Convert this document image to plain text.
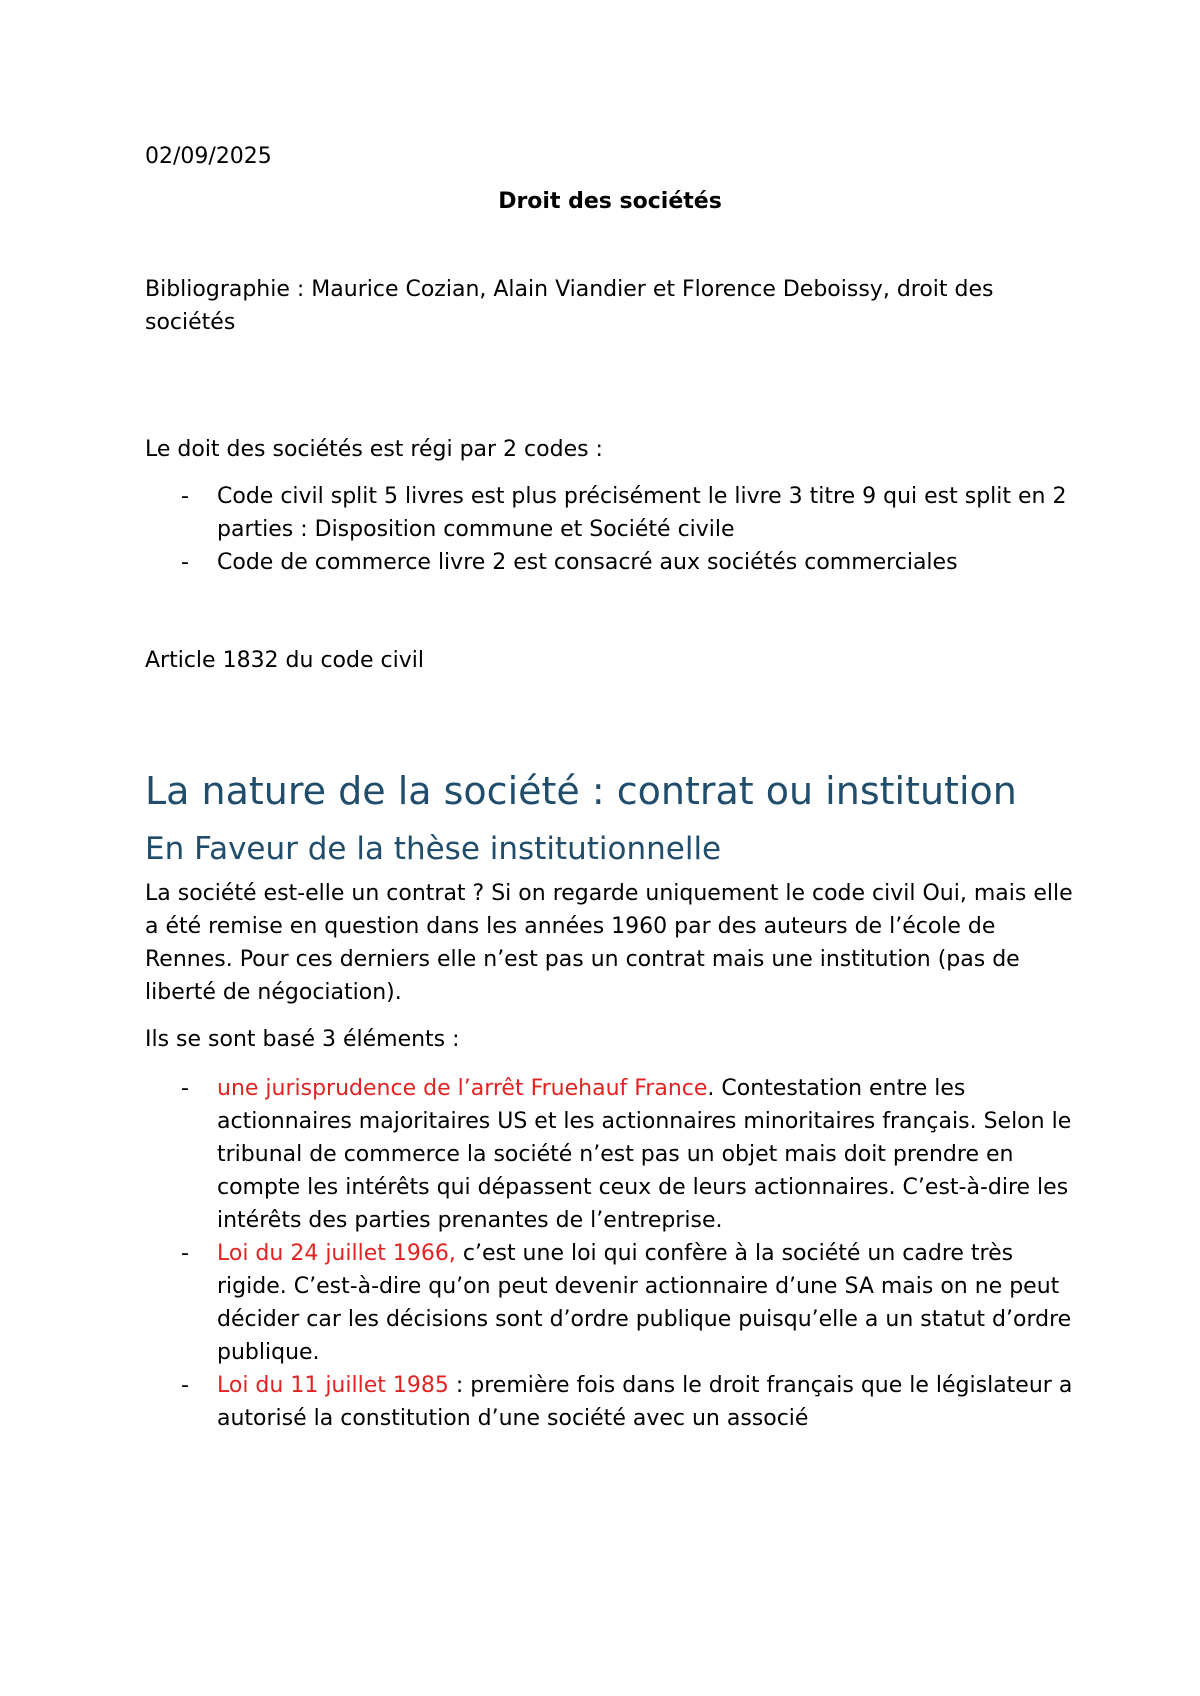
02/09/2025

Droit des sociétés

Bibliographie : Maurice Cozian, Alain Viandier et Florence Deboissy, droit des sociétés

Le doit des sociétés est régi par 2 codes :

- Code civil split 5 livres est plus précisément le livre 3 titre 9 qui est split en 2 parties : Disposition commune et Société civile
- Code de commerce livre 2 est consacré aux sociétés commerciales

Article 1832 du code civil

La nature de la société : contrat ou institution
En Faveur de la thèse institutionnelle

La société est-elle un contrat ? Si on regarde uniquement le code civil Oui, mais elle a été remise en question dans les années 1960 par des auteurs de l’école de Rennes. Pour ces derniers elle n’est pas un contrat mais une institution (pas de liberté de négociation).

Ils se sont basé 3 éléments :

- une jurisprudence de l’arrêt Fruehauf France. Contestation entre les actionnaires majoritaires US et les actionnaires minoritaires français. Selon le tribunal de commerce la société n’est pas un objet mais doit prendre en compte les intérêts qui dépassent ceux de leurs actionnaires. C’est-à-dire les intérêts des parties prenantes de l’entreprise.
- Loi du 24 juillet 1966, c’est une loi qui confère à la société un cadre très rigide. C’est-à-dire qu’on peut devenir actionnaire d’une SA mais on ne peut décider car les décisions sont d’ordre publique puisqu’elle a un statut d’ordre publique.
- Loi du 11 juillet 1985 : première fois dans le droit français que le législateur a autorisé la constitution d’une société avec un associé
